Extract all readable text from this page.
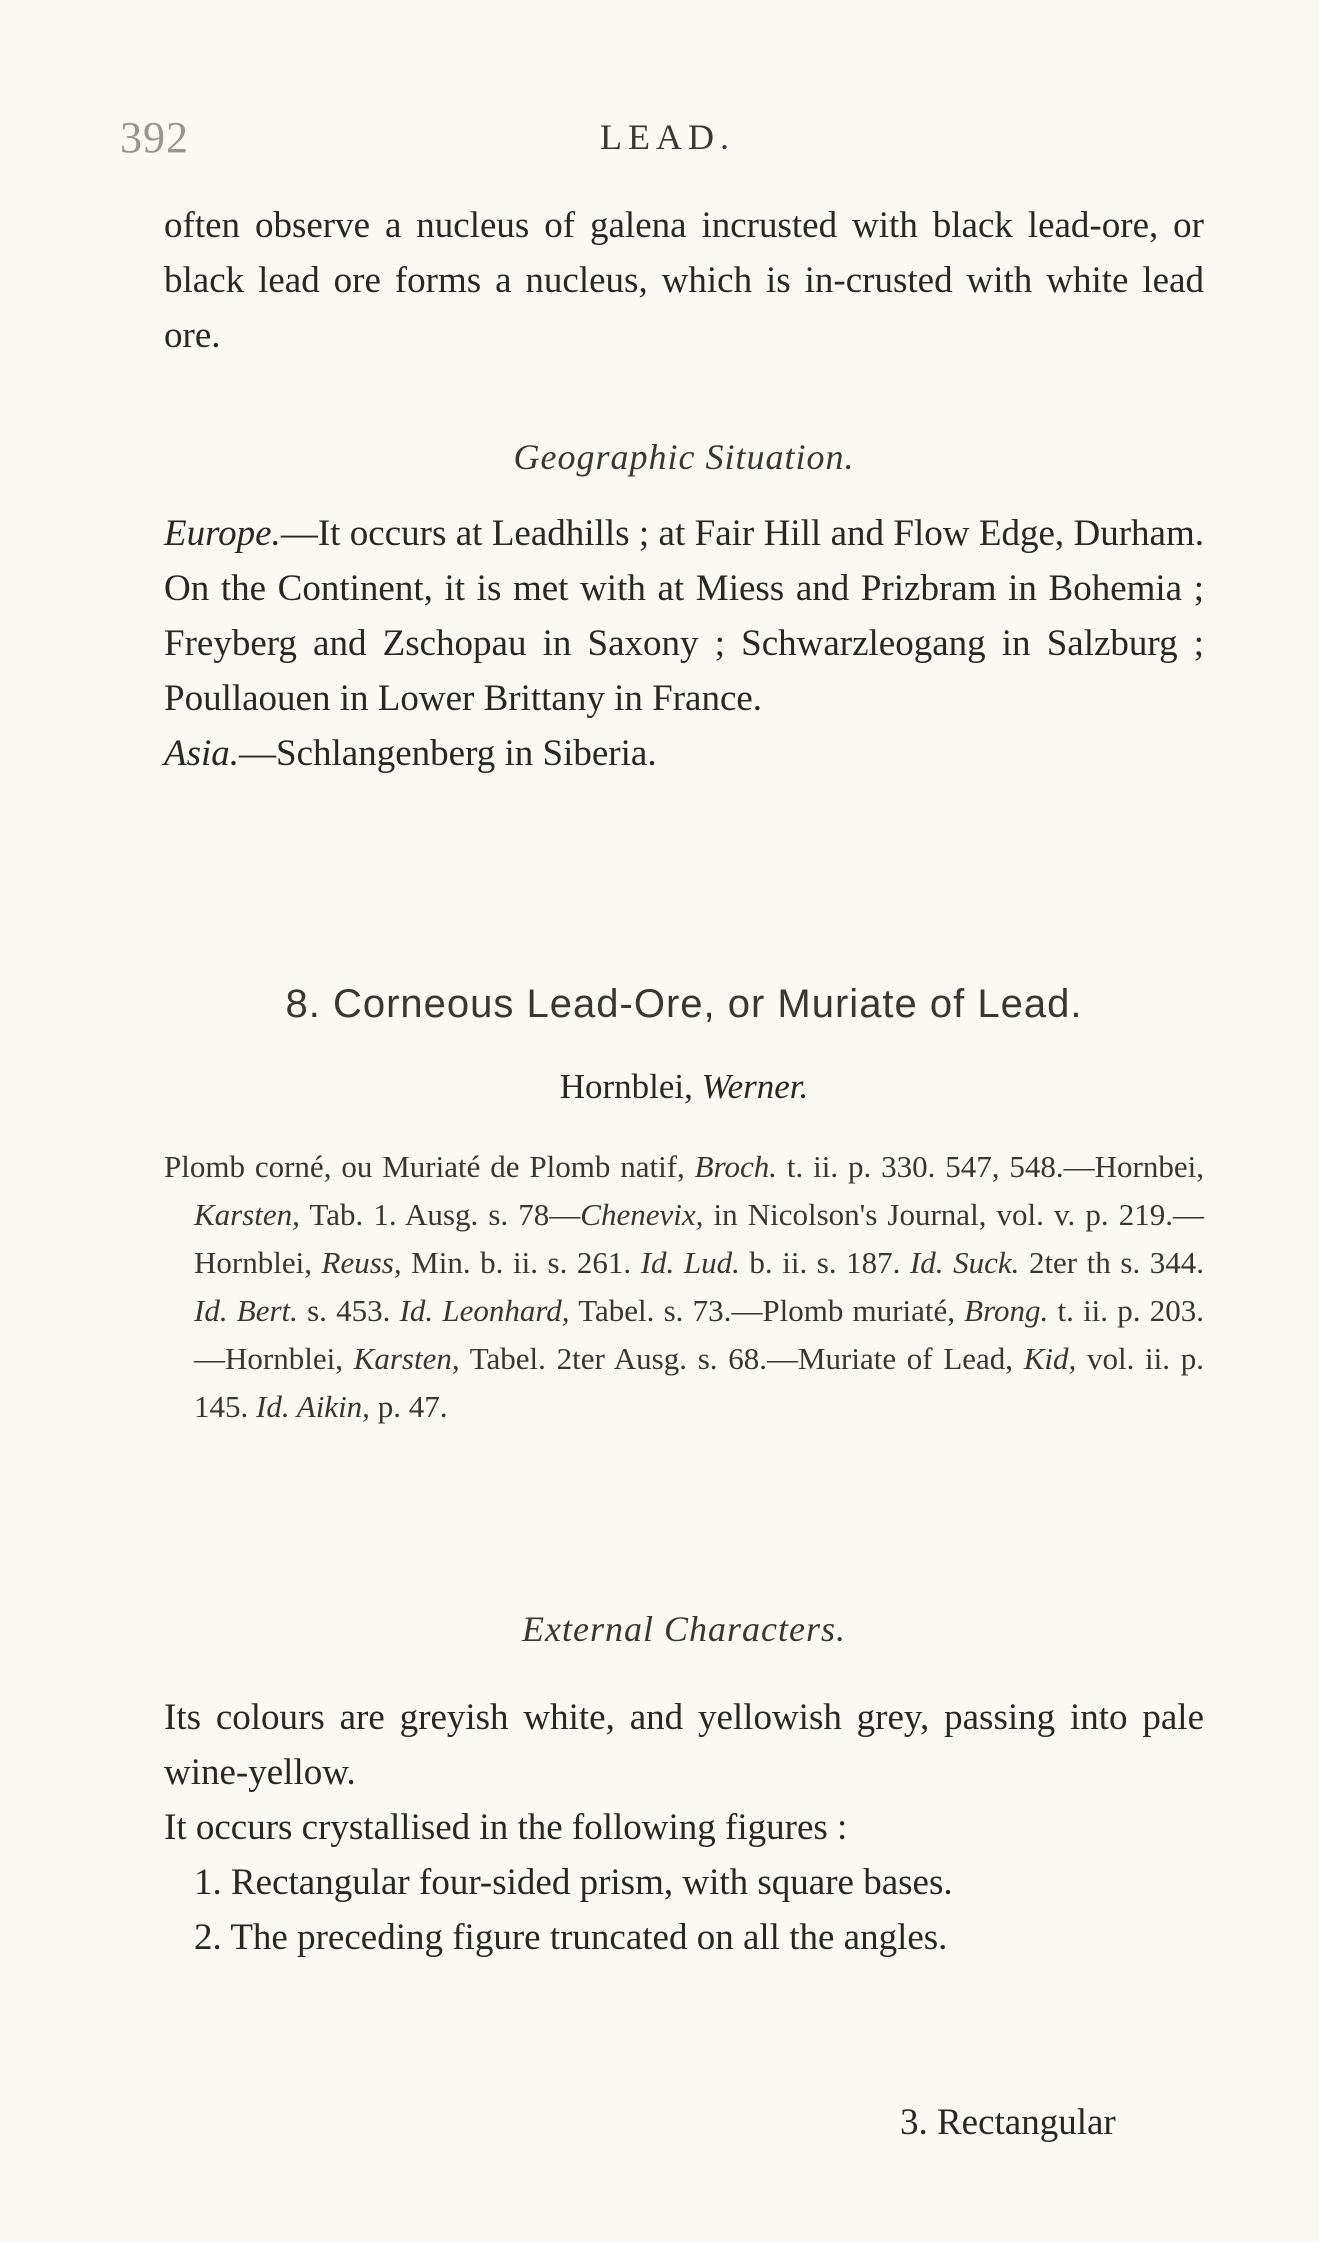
392	LEAD.

often observe a nucleus of galena incrusted with black lead-ore, or black lead ore forms a nucleus, which is in-crusted with white lead ore.

Geographic Situation.

Europe.—It occurs at Leadhills ; at Fair Hill and Flow Edge, Durham. On the Continent, it is met with at Miess and Prizbram in Bohemia ; Freyberg and Zschopau in Saxony ; Schwarzleogang in Salzburg ; Poullaouen in Lower Brittany in France.

Asia.—Schlangenberg in Siberia.

8. Corneous Lead-Ore, or Muriate of Lead.
Hornblei, Werner.
Plomb corné, ou Muriaté de Plomb natif, Broch. t. ii. p. 330. 547, 548.—Hornbei, Karsten, Tab. 1. Ausg. s. 78—Chenevix, in Nicolson's Journal, vol. v. p. 219.—Hornblei, Reuss, Min. b. ii. s. 261. Id. Lud. b. ii. s. 187. Id. Suck. 2ter th s. 344. Id. Bert. s. 453. Id. Leonhard, Tabel. s. 73.—Plomb muriaté, Brong. t. ii. p. 203.—Hornblei, Karsten, Tabel. 2ter Ausg. s. 68.—Muriate of Lead, Kid, vol. ii. p. 145. Id. Aikin, p. 47.
External Characters.

Its colours are greyish white, and yellowish grey, passing into pale wine-yellow.

It occurs crystallised in the following figures :

1. Rectangular four-sided prism, with square bases.

2. The preceding figure truncated on all the angles.

3. Rectangular
